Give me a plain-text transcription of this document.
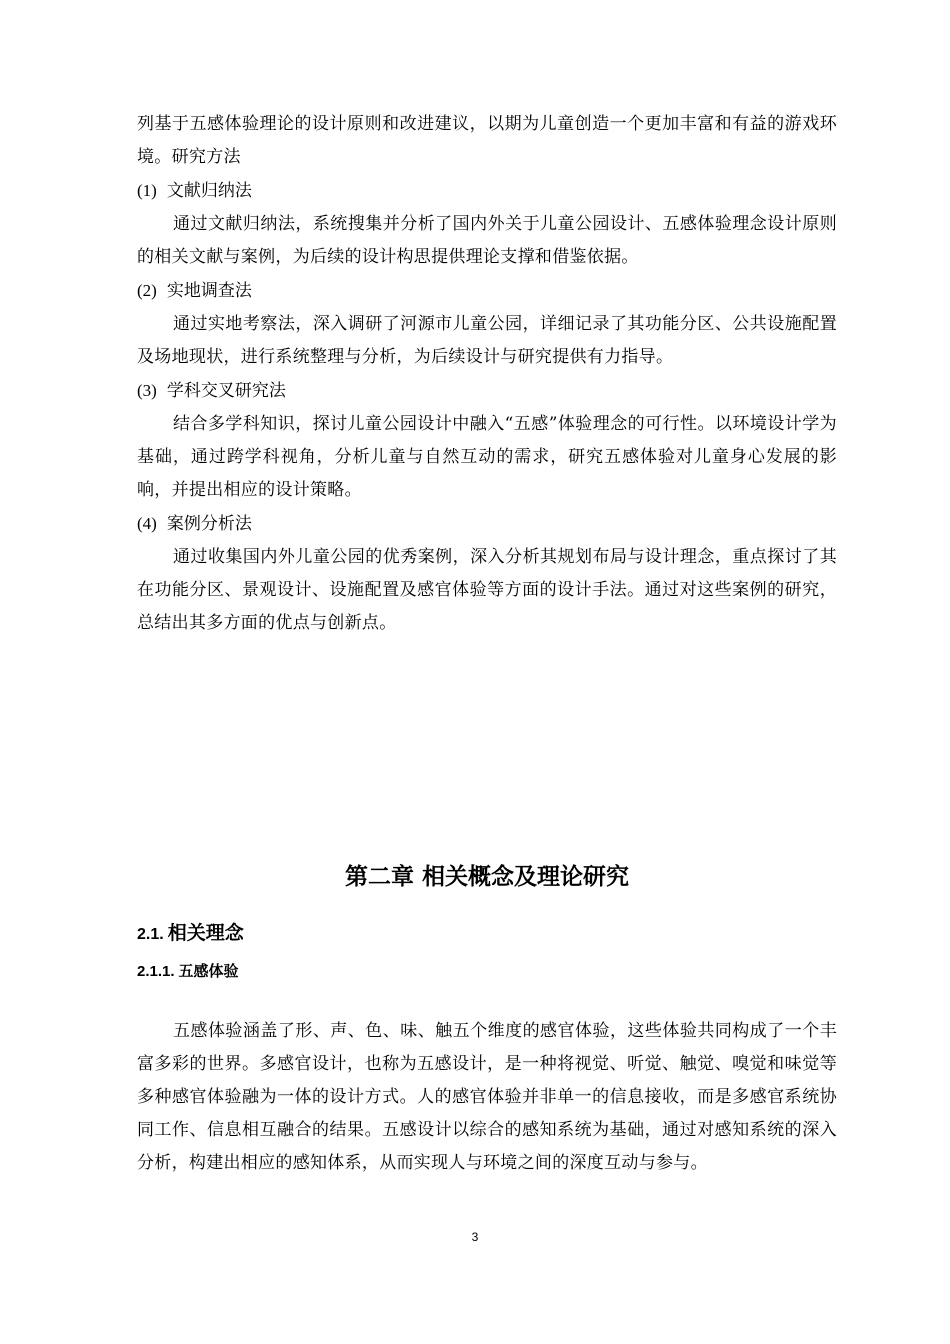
列基于五感体验理论的设计原则和改进建议，以期为儿童创造一个更加丰富和有益的游戏环境。研究方法

(1) 文献归纳法

通过文献归纳法，系统搜集并分析了国内外关于儿童公园设计、五感体验理念设计原则的相关文献与案例，为后续的设计构思提供理论支撑和借鉴依据。

(2) 实地调查法

通过实地考察法，深入调研了河源市儿童公园，详细记录了其功能分区、公共设施配置及场地现状，进行系统整理与分析，为后续设计与研究提供有力指导。

(3) 学科交叉研究法

结合多学科知识，探讨儿童公园设计中融入“五感”体验理念的可行性。以环境设计学为基础，通过跨学科视角，分析儿童与自然互动的需求，研究五感体验对儿童身心发展的影响，并提出相应的设计策略。

(4) 案例分析法

通过收集国内外儿童公园的优秀案例，深入分析其规划布局与设计理念，重点探讨了其在功能分区、景观设计、设施配置及感官体验等方面的设计手法。通过对这些案例的研究，总结出其多方面的优点与创新点。

第二章 相关概念及理论研究
2.1. 相关理念
2.1.1. 五感体验

五感体验涵盖了形、声、色、味、触五个维度的感官体验，这些体验共同构成了一个丰富多彩的世界。多感官设计，也称为五感设计，是一种将视觉、听觉、触觉、嗅觉和味觉等多种感官体验融为一体的设计方式。人的感官体验并非单一的信息接收，而是多感官系统协同工作、信息相互融合的结果。五感设计以综合的感知系统为基础，通过对感知系统的深入分析，构建出相应的感知体系，从而实现人与环境之间的深度互动与参与。

3
